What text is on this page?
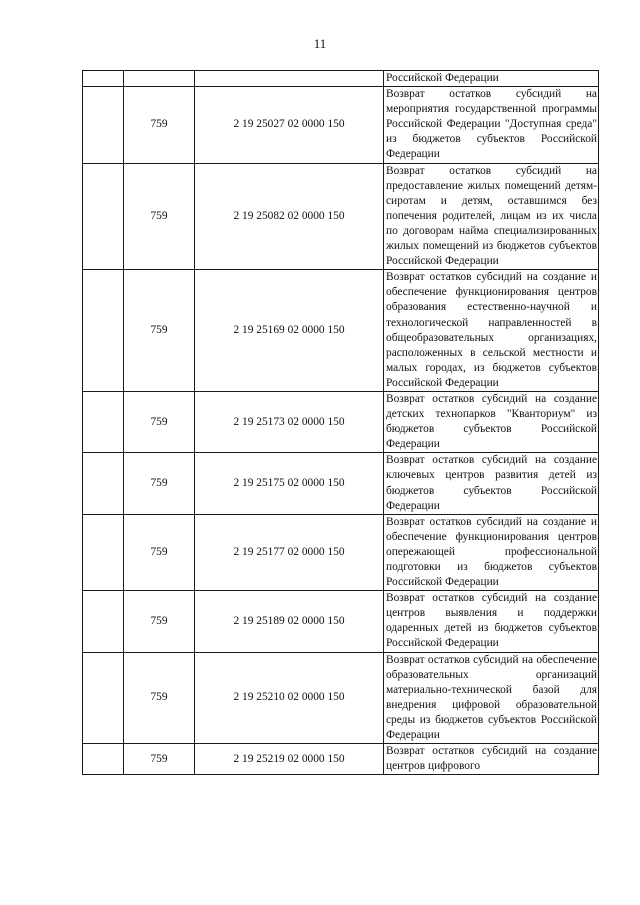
11
			Российской Федерации
	759	2 19 25027 02 0000 150	Возврат остатков субсидий на мероприятия государственной программы Российской Федерации "Доступная среда" из бюджетов субъектов Российской Федерации
	759	2 19 25082 02 0000 150	Возврат остатков субсидий на предоставление жилых помещений детям-сиротам и детям, оставшимся без попечения родителей, лицам из их числа по договорам найма специализированных жилых помещений из бюджетов субъектов Российской Федерации
	759	2 19 25169 02 0000 150	Возврат остатков субсидий на создание и обеспечение функционирования центров образования естественно-научной и технологической направленностей в общеобразовательных организациях, расположенных в сельской местности и малых городах, из бюджетов субъектов Российской Федерации
	759	2 19 25173 02 0000 150	Возврат остатков субсидий на создание детских технопарков "Кванториум" из бюджетов субъектов Российской Федерации
	759	2 19 25175 02 0000 150	Возврат остатков субсидий на создание ключевых центров развития детей из бюджетов субъектов Российской Федерации
	759	2 19 25177 02 0000 150	Возврат остатков субсидий на создание и обеспечение функционирования центров опережающей профессиональной подготовки из бюджетов субъектов Российской Федерации
	759	2 19 25189 02 0000 150	Возврат остатков субсидий на создание центров выявления и поддержки одаренных детей из бюджетов субъектов Российской Федерации
	759	2 19 25210 02 0000 150	Возврат остатков субсидий на обеспечение образовательных организаций материально-технической базой для внедрения цифровой образовательной среды из бюджетов субъектов Российской Федерации
	759	2 19 25219 02 0000 150	Возврат остатков субсидий на создание центров цифрового
